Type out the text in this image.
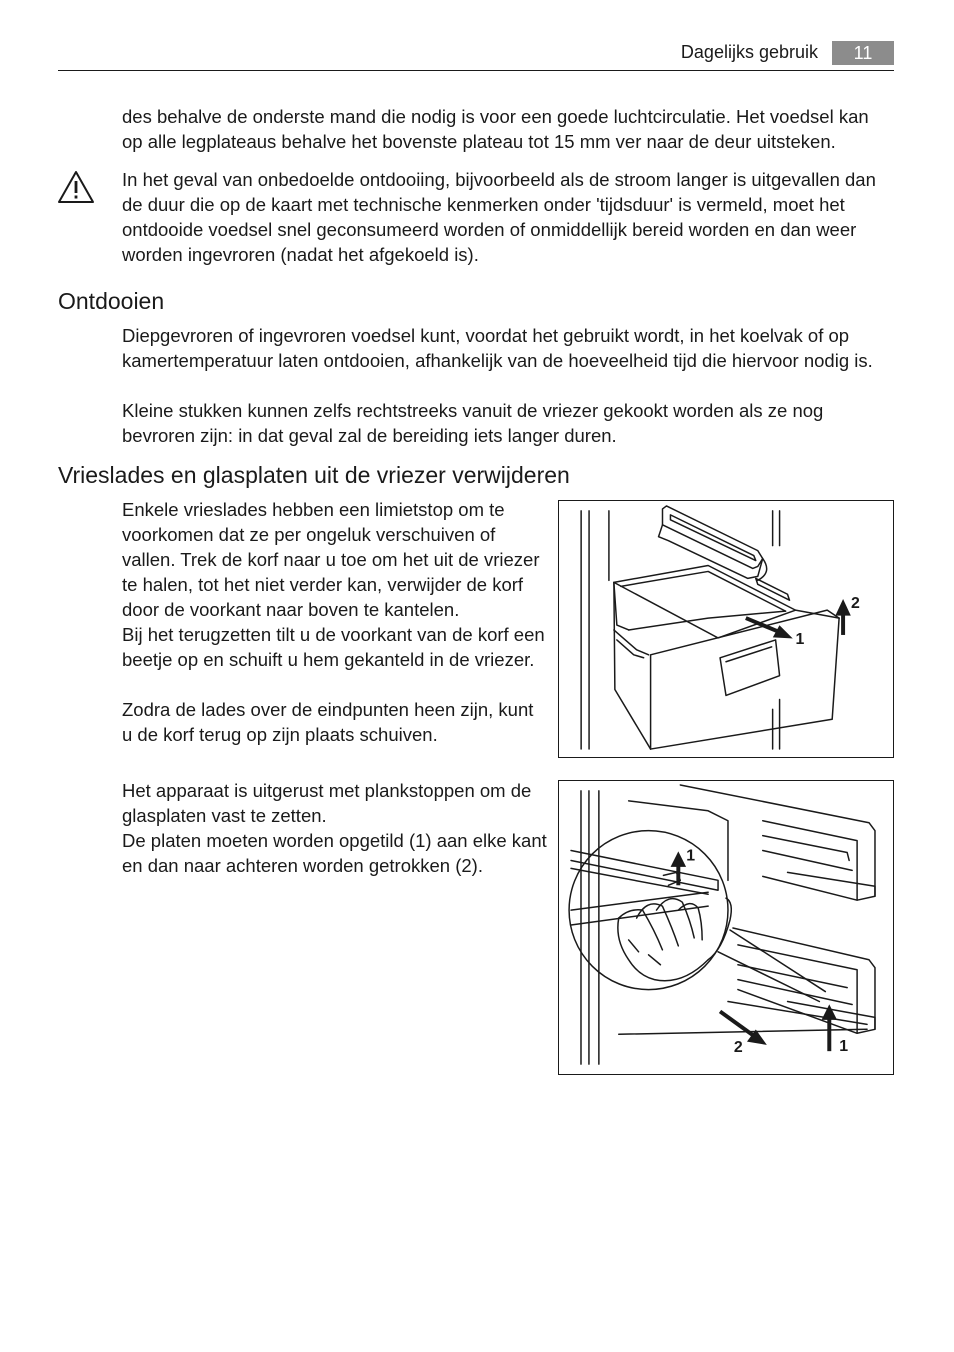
Dagelijks gebruik	11

des behalve de onderste mand die nodig is voor een goede luchtcirculatie. Het voedsel kan op alle legplateaus behalve het bovenste plateau tot 15 mm ver naar de deur uitsteken.

In het geval van onbedoelde ontdooiing, bijvoorbeeld als de stroom langer is uitgevallen dan de duur die op de kaart met technische kenmerken onder 'tijdsduur' is vermeld, moet het ontdooide voedsel snel geconsumeerd worden of onmiddellijk bereid worden en dan weer worden ingevroren (nadat het afgekoeld is).

Ontdooien

Diepgevroren of ingevroren voedsel kunt, voordat het gebruikt wordt, in het koelvak of op kamertemperatuur laten ontdooien, afhankelijk van de hoeveelheid tijd die hiervoor nodig is.

Kleine stukken kunnen zelfs rechtstreeks vanuit de vriezer gekookt worden als ze nog bevroren zijn: in dat geval zal de bereiding iets langer duren.

Vrieslades en glasplaten uit de vriezer verwijderen

Enkele vrieslades hebben een limietstop om te voorkomen dat ze per ongeluk verschuiven of vallen. Trek de korf naar u toe om het uit de vriezer te halen, tot het niet verder kan, verwijder de korf door de voorkant naar boven te kantelen.

Bij het terugzetten tilt u de voorkant van de korf een beetje op en schuift u hem gekanteld in de vriezer.

Zodra de lades over de eindpunten heen zijn, kunt u de korf terug op zijn plaats schuiven.

Het apparaat is uitgerust met plankstoppen om de glasplaten vast te zetten.

De platen moeten worden opgetild (1) aan elke kant en dan naar achteren worden getrokken (2).

1
2
1
2	1
